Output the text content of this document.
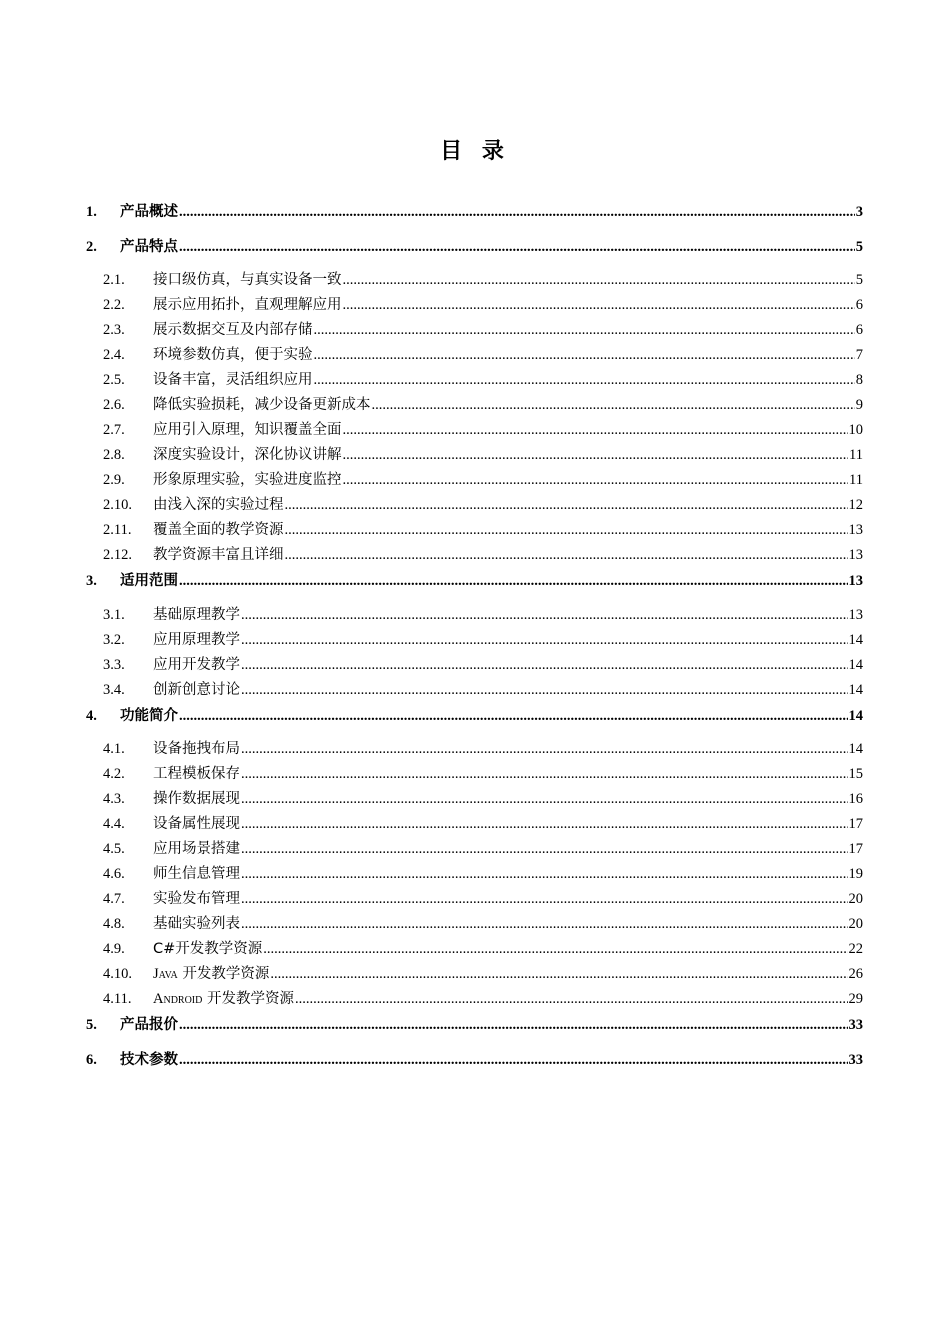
目 录
1.	产品概述 .....	3
2.	产品特点 .....	5
2.1.	接口级仿真，与真实设备一致 .....	5
2.2.	展示应用拓扑，直观理解应用 .....	6
2.3.	展示数据交互及内部存储 .....	6
2.4.	环境参数仿真，便于实验 .....	7
2.5.	设备丰富，灵活组织应用 .....	8
2.6.	降低实验损耗，减少设备更新成本 .....	9
2.7.	应用引入原理，知识覆盖全面 .....	10
2.8.	深度实验设计，深化协议讲解 .....	11
2.9.	形象原理实验，实验进度监控 .....	11
2.10.	由浅入深的实验过程 .....	12
2.11.	覆盖全面的教学资源 .....	13
2.12.	教学资源丰富且详细 .....	13
3.	适用范围 .....	13
3.1.	基础原理教学 .....	13
3.2.	应用原理教学 .....	14
3.3.	应用开发教学 .....	14
3.4.	创新创意讨论 .....	14
4.	功能简介 .....	14
4.1.	设备拖拽布局 .....	14
4.2.	工程模板保存 .....	15
4.3.	操作数据展现 .....	16
4.4.	设备属性展现 .....	17
4.5.	应用场景搭建 .....	17
4.6.	师生信息管理 .....	19
4.7.	实验发布管理 .....	20
4.8.	基础实验列表 .....	20
4.9.	C#开发教学资源 .....	22
4.10.	Java 开发教学资源 .....	26
4.11.	Android 开发教学资源 .....	29
5.	产品报价 .....	33
6.	技术参数 .....	33
